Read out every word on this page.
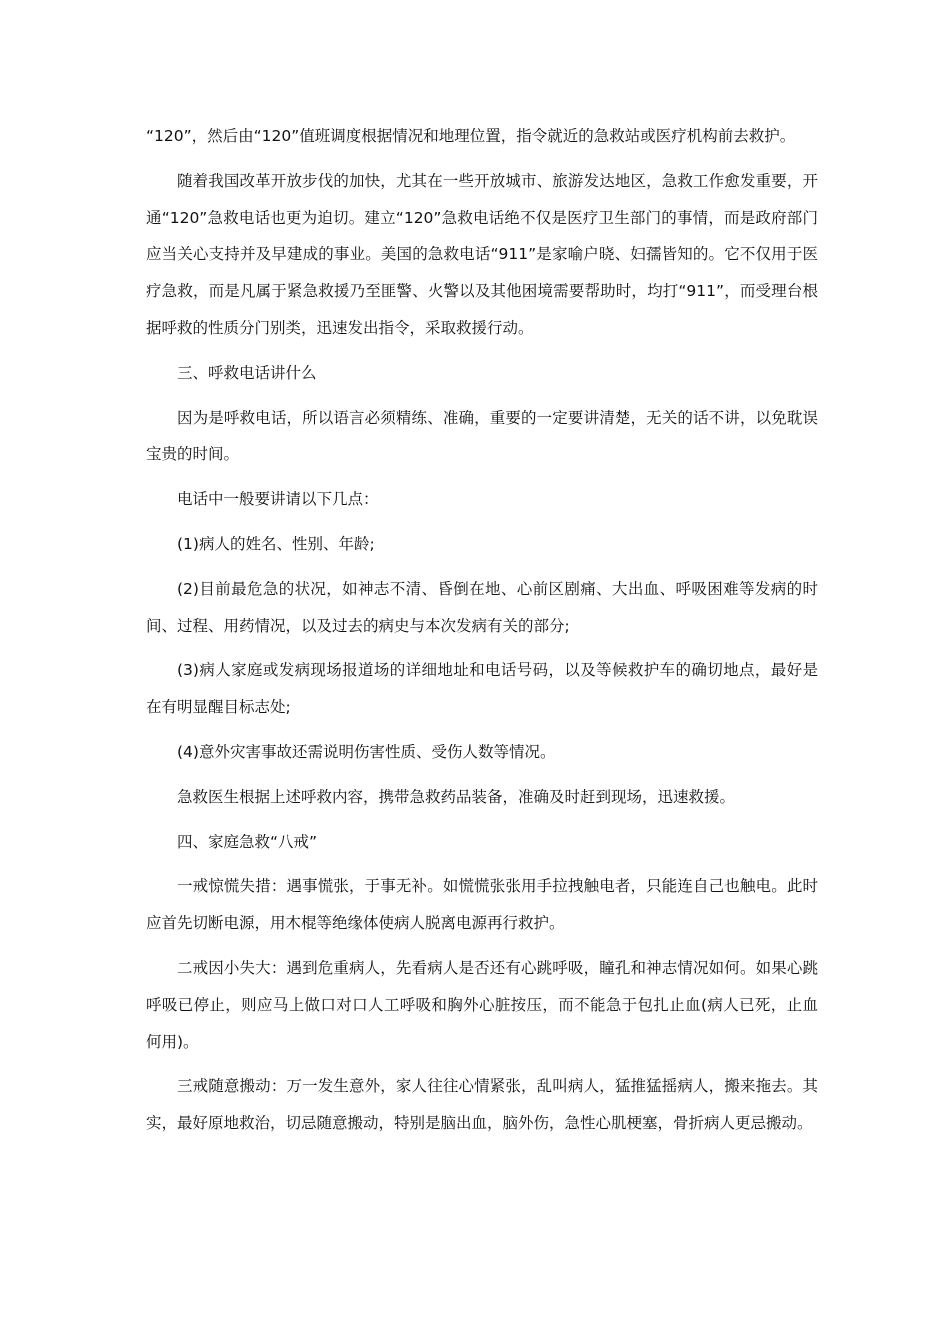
“120”，然后由“120”值班调度根据情况和地理位置，指令就近的急救站或医疗机构前去救护。

随着我国改革开放步伐的加快，尤其在一些开放城市、旅游发达地区，急救工作愈发重要，开通“120”急救电话也更为迫切。建立“120”急救电话绝不仅是医疗卫生部门的事情，而是政府部门应当关心支持并及早建成的事业。美国的急救电话“911”是家喻户晓、妇孺皆知的。它不仅用于医疗急救，而是凡属于紧急救援乃至匪警、火警以及其他困境需要帮助时，均打“911”，而受理台根据呼救的性质分门别类，迅速发出指令，采取救援行动。

三、呼救电话讲什么

因为是呼救电话，所以语言必须精练、准确，重要的一定要讲清楚，无关的话不讲，以免耽误宝贵的时间。

电话中一般要讲请以下几点：

(1)病人的姓名、性别、年龄;

(2)目前最危急的状况，如神志不清、昏倒在地、心前区剧痛、大出血、呼吸困难等发病的时间、过程、用药情况，以及过去的病史与本次发病有关的部分;

(3)病人家庭或发病现场报道场的详细地址和电话号码，以及等候救护车的确切地点，最好是在有明显醒目标志处;

(4)意外灾害事故还需说明伤害性质、受伤人数等情况。

急救医生根据上述呼救内容，携带急救药品装备，准确及时赶到现场，迅速救援。

四、家庭急救“八戒”

一戒惊慌失措：遇事慌张，于事无补。如慌慌张张用手拉拽触电者，只能连自己也触电。此时应首先切断电源，用木棍等绝缘体使病人脱离电源再行救护。

二戒因小失大：遇到危重病人，先看病人是否还有心跳呼吸，瞳孔和神志情况如何。如果心跳呼吸已停止，则应马上做口对口人工呼吸和胸外心脏按压，而不能急于包扎止血(病人已死，止血何用)。

三戒随意搬动：万一发生意外，家人往往心情紧张，乱叫病人，猛推猛摇病人，搬来拖去。其实，最好原地救治，切忌随意搬动，特别是脑出血，脑外伤，急性心肌梗塞，骨折病人更忌搬动。
